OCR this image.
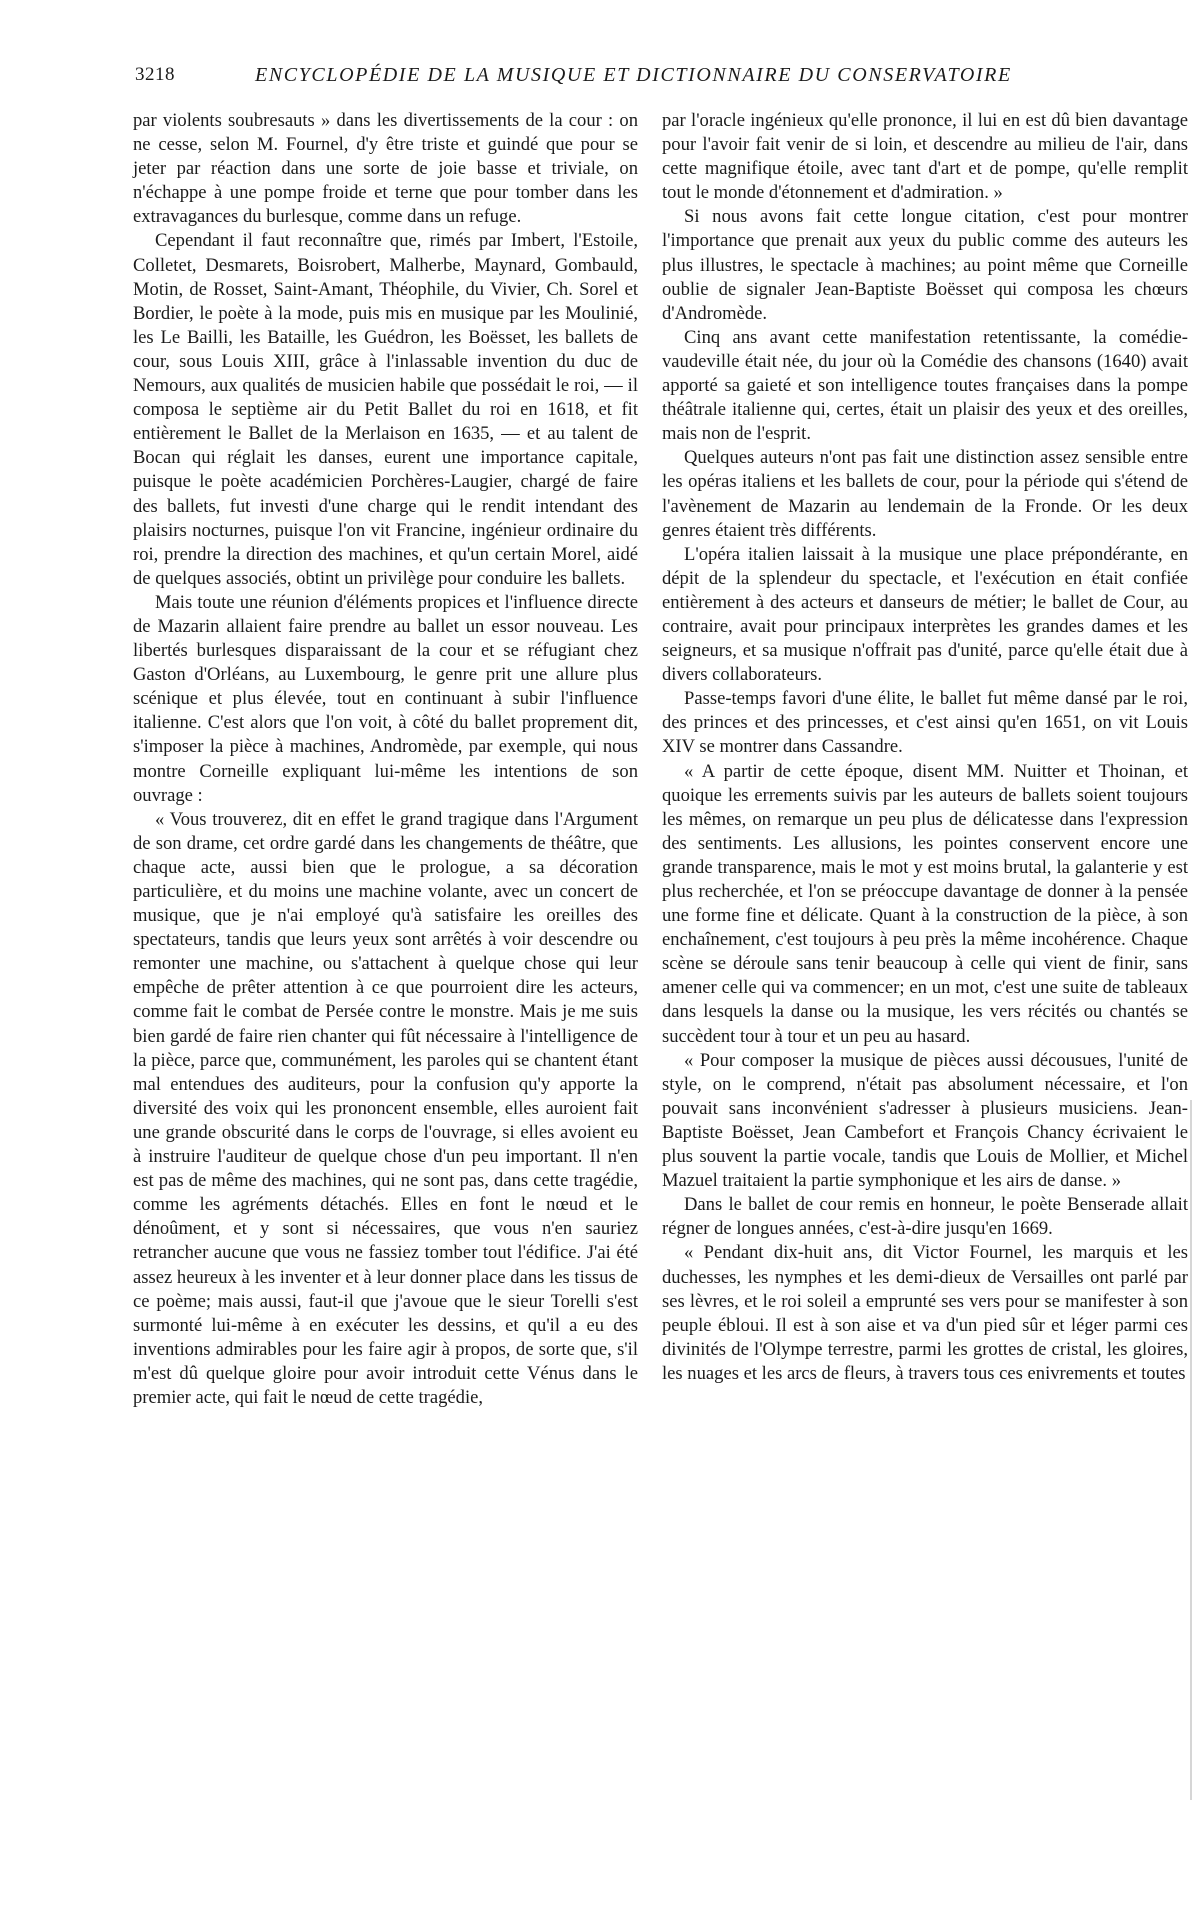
3218	ENCYCLOPÉDIE DE LA MUSIQUE ET DICTIONNAIRE DU CONSERVATOIRE

par violents soubresauts » dans les divertissements de la cour : on ne cesse, selon M. Fournel, d'y être triste et guindé que pour se jeter par réaction dans une sorte de joie basse et triviale, on n'échappe à une pompe froide et terne que pour tomber dans les extravagances du burlesque, comme dans un refuge.

Cependant il faut reconnaître que, rimés par Imbert, l'Estoile, Colletet, Desmarets, Boisrobert, Malherbe, Maynard, Gombauld, Motin, de Rosset, Saint-Amant, Théophile, du Vivier, Ch. Sorel et Bordier, le poète à la mode, puis mis en musique par les Moulinié, les Le Bailli, les Bataille, les Guédron, les Boësset, les ballets de cour, sous Louis XIII, grâce à l'inlassable invention du duc de Nemours, aux qualités de musicien habile que possédait le roi, — il composa le septième air du Petit Ballet du roi en 1618, et fit entièrement le Ballet de la Merlaison en 1635, — et au talent de Bocan qui réglait les danses, eurent une importance capitale, puisque le poète académicien Porchères-Laugier, chargé de faire des ballets, fut investi d'une charge qui le rendit intendant des plaisirs nocturnes, puisque l'on vit Francine, ingénieur ordinaire du roi, prendre la direction des machines, et qu'un certain Morel, aidé de quelques associés, obtint un privilège pour conduire les ballets.

Mais toute une réunion d'éléments propices et l'influence directe de Mazarin allaient faire prendre au ballet un essor nouveau. Les libertés burlesques disparaissant de la cour et se réfugiant chez Gaston d'Orléans, au Luxembourg, le genre prit une allure plus scénique et plus élevée, tout en continuant à subir l'influence italienne. C'est alors que l'on voit, à côté du ballet proprement dit, s'imposer la pièce à machines, Andromède, par exemple, qui nous montre Corneille expliquant lui-même les intentions de son ouvrage :

« Vous trouverez, dit en effet le grand tragique dans l'Argument de son drame, cet ordre gardé dans les changements de théâtre, que chaque acte, aussi bien que le prologue, a sa décoration particulière, et du moins une machine volante, avec un concert de musique, que je n'ai employé qu'à satisfaire les oreilles des spectateurs, tandis que leurs yeux sont arrêtés à voir descendre ou remonter une machine, ou s'attachent à quelque chose qui leur empêche de prêter attention à ce que pourroient dire les acteurs, comme fait le combat de Persée contre le monstre. Mais je me suis bien gardé de faire rien chanter qui fût nécessaire à l'intelligence de la pièce, parce que, communément, les paroles qui se chantent étant mal entendues des auditeurs, pour la confusion qu'y apporte la diversité des voix qui les prononcent ensemble, elles auroient fait une grande obscurité dans le corps de l'ouvrage, si elles avoient eu à instruire l'auditeur de quelque chose d'un peu important. Il n'en est pas de même des machines, qui ne sont pas, dans cette tragédie, comme les agréments détachés. Elles en font le nœud et le dénoûment, et y sont si nécessaires, que vous n'en sauriez retrancher aucune que vous ne fassiez tomber tout l'édifice. J'ai été assez heureux à les inventer et à leur donner place dans les tissus de ce poème; mais aussi, faut-il que j'avoue que le sieur Torelli s'est surmonté lui-même à en exécuter les dessins, et qu'il a eu des inventions admirables pour les faire agir à propos, de sorte que, s'il m'est dû quelque gloire pour avoir introduit cette Vénus dans le premier acte, qui fait le nœud de cette tragédie,

par l'oracle ingénieux qu'elle prononce, il lui en est dû bien davantage pour l'avoir fait venir de si loin, et descendre au milieu de l'air, dans cette magnifique étoile, avec tant d'art et de pompe, qu'elle remplit tout le monde d'étonnement et d'admiration. »

Si nous avons fait cette longue citation, c'est pour montrer l'importance que prenait aux yeux du public comme des auteurs les plus illustres, le spectacle à machines; au point même que Corneille oublie de signaler Jean-Baptiste Boësset qui composa les chœurs d'Andromède.

Cinq ans avant cette manifestation retentissante, la comédie-vaudeville était née, du jour où la Comédie des chansons (1640) avait apporté sa gaieté et son intelligence toutes françaises dans la pompe théâtrale italienne qui, certes, était un plaisir des yeux et des oreilles, mais non de l'esprit.

Quelques auteurs n'ont pas fait une distinction assez sensible entre les opéras italiens et les ballets de cour, pour la période qui s'étend de l'avènement de Mazarin au lendemain de la Fronde. Or les deux genres étaient très différents.

L'opéra italien laissait à la musique une place prépondérante, en dépit de la splendeur du spectacle, et l'exécution en était confiée entièrement à des acteurs et danseurs de métier; le ballet de Cour, au contraire, avait pour principaux interprètes les grandes dames et les seigneurs, et sa musique n'offrait pas d'unité, parce qu'elle était due à divers collaborateurs.

Passe-temps favori d'une élite, le ballet fut même dansé par le roi, des princes et des princesses, et c'est ainsi qu'en 1651, on vit Louis XIV se montrer dans Cassandre.

« A partir de cette époque, disent MM. Nuitter et Thoinan, et quoique les errements suivis par les auteurs de ballets soient toujours les mêmes, on remarque un peu plus de délicatesse dans l'expression des sentiments. Les allusions, les pointes conservent encore une grande transparence, mais le mot y est moins brutal, la galanterie y est plus recherchée, et l'on se préoccupe davantage de donner à la pensée une forme fine et délicate. Quant à la construction de la pièce, à son enchaînement, c'est toujours à peu près la même incohérence. Chaque scène se déroule sans tenir beaucoup à celle qui vient de finir, sans amener celle qui va commencer; en un mot, c'est une suite de tableaux dans lesquels la danse ou la musique, les vers récités ou chantés se succèdent tour à tour et un peu au hasard.

« Pour composer la musique de pièces aussi décousues, l'unité de style, on le comprend, n'était pas absolument nécessaire, et l'on pouvait sans inconvénient s'adresser à plusieurs musiciens. Jean-Baptiste Boësset, Jean Cambefort et François Chancy écrivaient le plus souvent la partie vocale, tandis que Louis de Mollier, et Michel Mazuel traitaient la partie symphonique et les airs de danse. »

Dans le ballet de cour remis en honneur, le poète Benserade allait régner de longues années, c'est-à-dire jusqu'en 1669.

« Pendant dix-huit ans, dit Victor Fournel, les marquis et les duchesses, les nymphes et les demi-dieux de Versailles ont parlé par ses lèvres, et le roi soleil a emprunté ses vers pour se manifester à son peuple ébloui. Il est à son aise et va d'un pied sûr et léger parmi ces divinités de l'Olympe terrestre, parmi les grottes de cristal, les gloires, les nuages et les arcs de fleurs, à travers tous ces enivrements et toutes
